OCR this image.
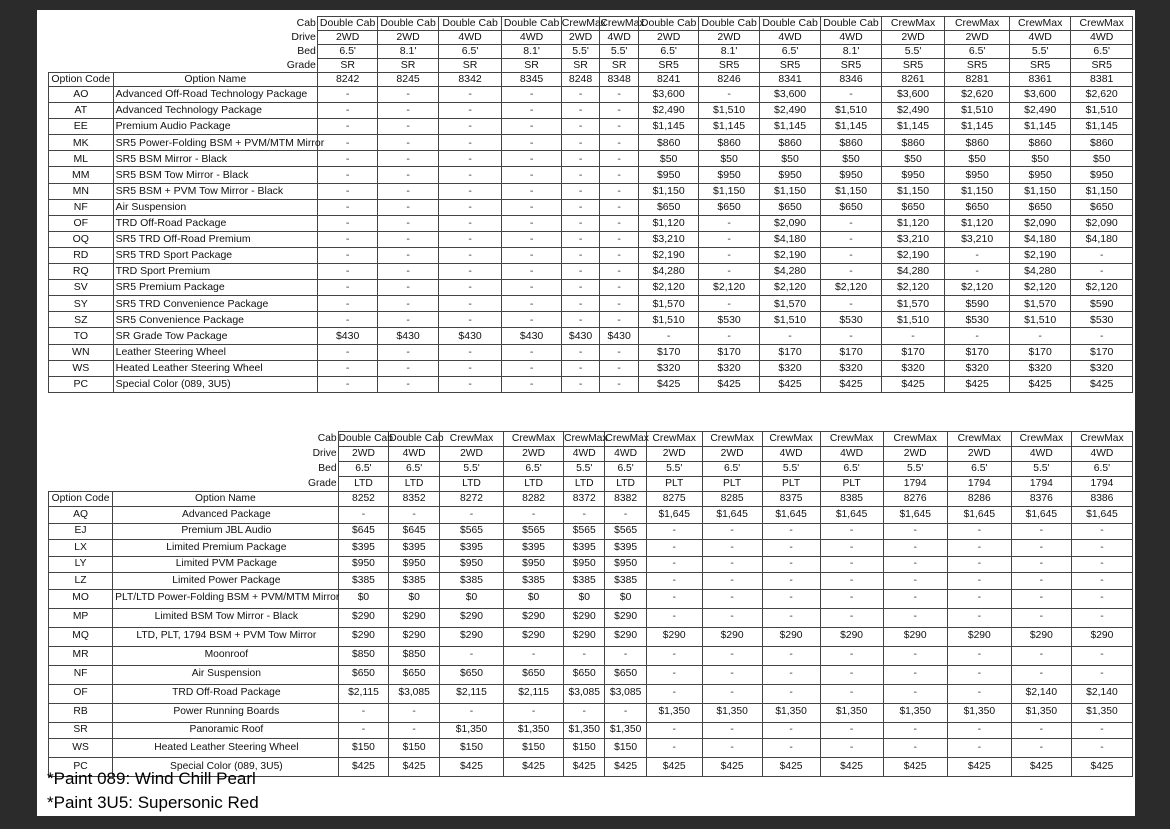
	Cab	Double Cab	Double Cab	Double Cab	Double Cab	CrewMax	CrewMax	Double Cab	Double Cab	Double Cab	Double Cab	CrewMax	CrewMax	CrewMax	CrewMax
	Drive	2WD	2WD	4WD	4WD	2WD	4WD	2WD	2WD	4WD	4WD	2WD	2WD	4WD	4WD
	Bed	6.5'	8.1'	6.5'	8.1'	5.5'	5.5'	6.5'	8.1'	6.5'	8.1'	5.5'	6.5'	5.5'	6.5'
	Grade	SR	SR	SR	SR	SR	SR	SR5	SR5	SR5	SR5	SR5	SR5	SR5	SR5
Option Code	Option Name	8242	8245	8342	8345	8248	8348	8241	8246	8341	8346	8261	8281	8361	8381
AO	Advanced Off-Road Technology Package	-	-	-	-	-	-	$3,600	-	$3,600	-	$3,600	$2,620	$3,600	$2,620
AT	Advanced Technology Package	-	-	-	-	-	-	$2,490	$1,510	$2,490	$1,510	$2,490	$1,510	$2,490	$1,510
EE	Premium Audio Package	-	-	-	-	-	-	$1,145	$1,145	$1,145	$1,145	$1,145	$1,145	$1,145	$1,145
MK	SR5 Power-Folding BSM + PVM/MTM Mirror	-	-	-	-	-	-	$860	$860	$860	$860	$860	$860	$860	$860
ML	SR5 BSM Mirror - Black	-	-	-	-	-	-	$50	$50	$50	$50	$50	$50	$50	$50
MM	SR5 BSM Tow Mirror - Black	-	-	-	-	-	-	$950	$950	$950	$950	$950	$950	$950	$950
MN	SR5 BSM + PVM Tow Mirror - Black	-	-	-	-	-	-	$1,150	$1,150	$1,150	$1,150	$1,150	$1,150	$1,150	$1,150
NF	Air Suspension	-	-	-	-	-	-	$650	$650	$650	$650	$650	$650	$650	$650
OF	TRD Off-Road Package	-	-	-	-	-	-	$1,120	-	$2,090	-	$1,120	$1,120	$2,090	$2,090
OQ	SR5 TRD Off-Road Premium	-	-	-	-	-	-	$3,210	-	$4,180	-	$3,210	$3,210	$4,180	$4,180
RD	SR5 TRD Sport Package	-	-	-	-	-	-	$2,190	-	$2,190	-	$2,190	-	$2,190	-
RQ	TRD Sport Premium	-	-	-	-	-	-	$4,280	-	$4,280	-	$4,280	-	$4,280	-
SV	SR5 Premium Package	-	-	-	-	-	-	$2,120	$2,120	$2,120	$2,120	$2,120	$2,120	$2,120	$2,120
SY	SR5 TRD Convenience Package	-	-	-	-	-	-	$1,570	-	$1,570	-	$1,570	$590	$1,570	$590
SZ	SR5 Convenience Package	-	-	-	-	-	-	$1,510	$530	$1,510	$530	$1,510	$530	$1,510	$530
TO	SR Grade Tow Package	$430	$430	$430	$430	$430	$430	-	-	-	-	-	-	-	-
WN	Leather Steering Wheel	-	-	-	-	-	-	$170	$170	$170	$170	$170	$170	$170	$170
WS	Heated Leather Steering Wheel	-	-	-	-	-	-	$320	$320	$320	$320	$320	$320	$320	$320
PC	Special Color (089, 3U5)	-	-	-	-	-	-	$425	$425	$425	$425	$425	$425	$425	$425
	Cab	Double Cab	Double Cab	CrewMax	CrewMax	CrewMax	CrewMax	CrewMax	CrewMax	CrewMax	CrewMax	CrewMax	CrewMax	CrewMax	CrewMax
	Drive	2WD	4WD	2WD	2WD	4WD	4WD	2WD	2WD	4WD	4WD	2WD	2WD	4WD	4WD
	Bed	6.5'	6.5'	5.5'	6.5'	5.5'	6.5'	5.5'	6.5'	5.5'	6.5'	5.5'	6.5'	5.5'	6.5'
	Grade	LTD	LTD	LTD	LTD	LTD	LTD	PLT	PLT	PLT	PLT	1794	1794	1794	1794
Option Code	Option Name	8252	8352	8272	8282	8372	8382	8275	8285	8375	8385	8276	8286	8376	8386
AQ	Advanced Package	-	-	-	-	-	-	$1,645	$1,645	$1,645	$1,645	$1,645	$1,645	$1,645	$1,645
EJ	Premium JBL Audio	$645	$645	$565	$565	$565	$565	-	-	-	-	-	-	-	-
LX	Limited Premium Package	$395	$395	$395	$395	$395	$395	-	-	-	-	-	-	-	-
LY	Limited PVM Package	$950	$950	$950	$950	$950	$950	-	-	-	-	-	-	-	-
LZ	Limited Power Package	$385	$385	$385	$385	$385	$385	-	-	-	-	-	-	-	-
MO	PLT/LTD Power-Folding BSM + PVM/MTM Mirror	$0	$0	$0	$0	$0	$0	-	-	-	-	-	-	-	-
MP	Limited BSM Tow Mirror - Black	$290	$290	$290	$290	$290	$290	-	-	-	-	-	-	-	-
MQ	LTD, PLT, 1794 BSM + PVM Tow Mirror	$290	$290	$290	$290	$290	$290	$290	$290	$290	$290	$290	$290	$290	$290
MR	Moonroof	$850	$850	-	-	-	-	-	-	-	-	-	-	-	-
NF	Air Suspension	$650	$650	$650	$650	$650	$650	-	-	-	-	-	-	-	-
OF	TRD Off-Road Package	$2,115	$3,085	$2,115	$2,115	$3,085	$3,085	-	-	-	-	-	-	$2,140	$2,140
RB	Power Running Boards	-	-	-	-	-	-	$1,350	$1,350	$1,350	$1,350	$1,350	$1,350	$1,350	$1,350
SR	Panoramic Roof	-	-	$1,350	$1,350	$1,350	$1,350	-	-	-	-	-	-	-	-
WS	Heated Leather Steering Wheel	$150	$150	$150	$150	$150	$150	-	-	-	-	-	-	-	-
PC	Special Color (089, 3U5)	$425	$425	$425	$425	$425	$425	$425	$425	$425	$425	$425	$425	$425	$425
*Paint 089: Wind Chill Pearl
*Paint 3U5: Supersonic Red
